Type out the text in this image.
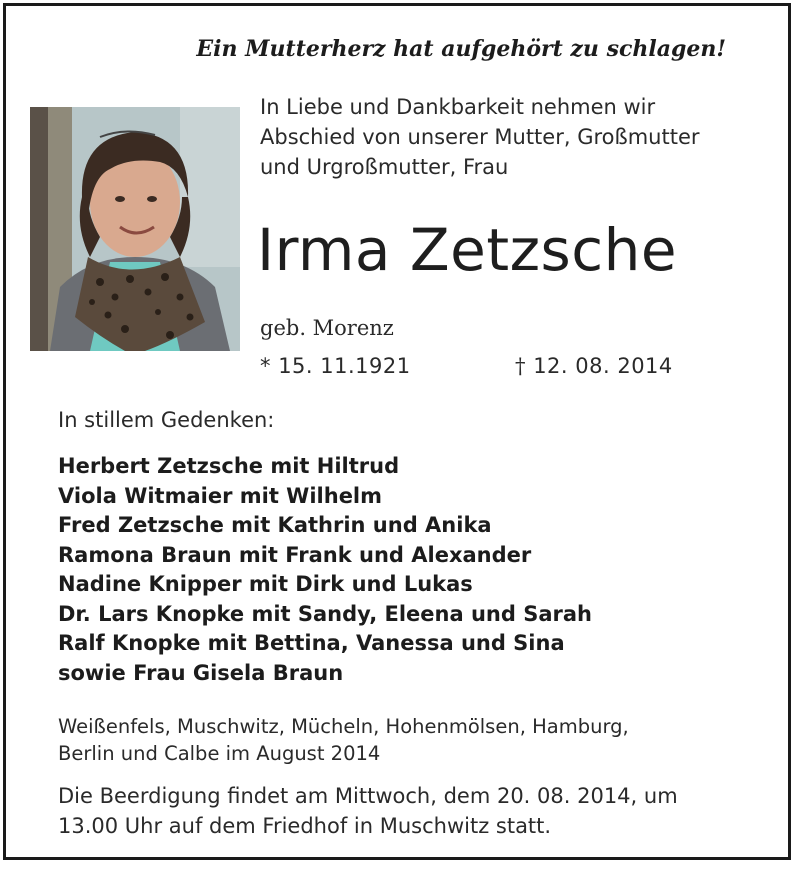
Ein Mutterherz hat aufgehört zu schlagen!

In Liebe und Dankbarkeit nehmen wir
Abschied von unserer Mutter, Großmutter
und Urgroßmutter, Frau
Irma Zetzsche
geb. Morenz
* 15. 11.1921	† 12. 08. 2014
In stillem Gedenken:
Herbert Zetzsche mit Hiltrud
Viola Witmaier mit Wilhelm
Fred Zetzsche mit Kathrin und Anika
Ramona Braun mit Frank und Alexander
Nadine Knipper mit Dirk und Lukas
Dr. Lars Knopke mit Sandy, Eleena und Sarah
Ralf Knopke mit Bettina, Vanessa und Sina
sowie Frau Gisela Braun
Weißenfels, Muschwitz, Mücheln, Hohenmölsen, Hamburg,
Berlin und Calbe im August 2014
Die Beerdigung findet am Mittwoch, dem 20. 08. 2014, um
13.00 Uhr auf dem Friedhof in Muschwitz statt.
